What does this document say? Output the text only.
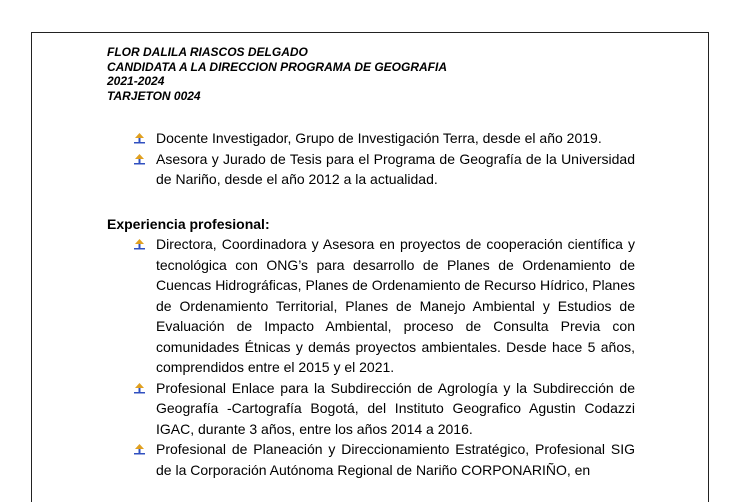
FLOR DALILA RIASCOS DELGADO
CANDIDATA A LA DIRECCION PROGRAMA DE GEOGRAFIA
2021-2024
TARJETON 0024
Docente Investigador, Grupo de Investigación Terra, desde el año 2019.
Asesora y Jurado de Tesis para el Programa de Geografía de la Universidad de Nariño, desde el año 2012 a la actualidad.
Experiencia profesional:
Directora, Coordinadora y Asesora en proyectos de cooperación científica y tecnológica con ONG’s para desarrollo de Planes de Ordenamiento de Cuencas Hidrográficas, Planes de Ordenamiento de Recurso Hídrico, Planes de Ordenamiento Territorial, Planes de Manejo Ambiental y Estudios de Evaluación de Impacto Ambiental, proceso de Consulta Previa con comunidades Étnicas y demás proyectos ambientales. Desde hace 5 años, comprendidos entre el 2015 y el 2021.
Profesional Enlace para la Subdirección de Agrología y la Subdirección de Geografía -Cartografía Bogotá, del Instituto Geografico Agustin Codazzi IGAC, durante 3 años, entre los años 2014 a 2016.
Profesional de Planeación y Direccionamiento Estratégico, Profesional SIG de la Corporación Autónoma Regional de Nariño CORPONARIÑO, en
